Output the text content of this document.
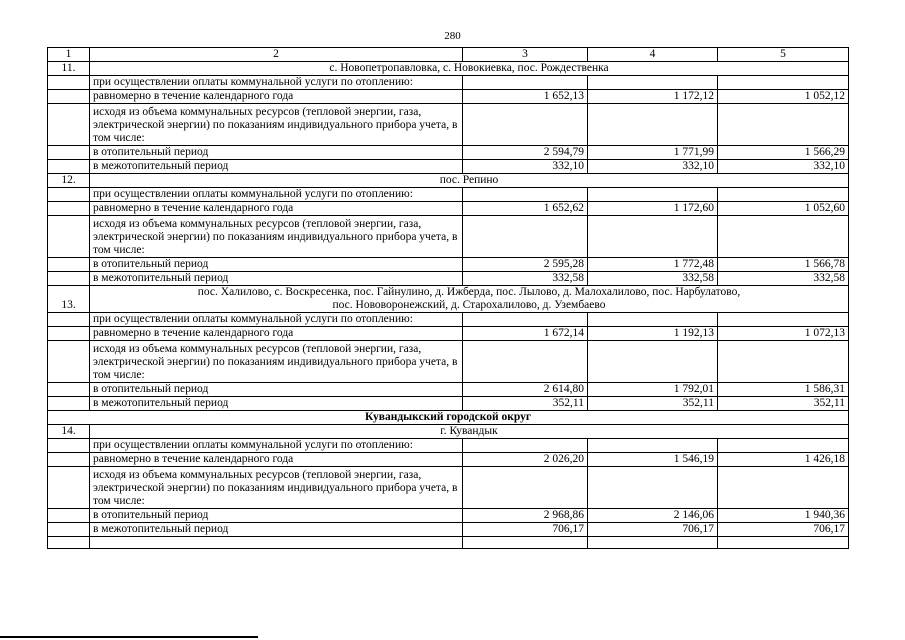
280
1	2	3	4	5
11.	с. Новопетропавловка, с. Новокиевка, пос. Рождественка			

	при осуществлении оплаты коммунальной услуги по отоплению:			
	равномерно в течение календарного года	1 652,13	1 172,12	1 052,12
	исходя из объема коммунальных ресурсов (тепловой энергии, газа, электрической энергии) по показаниям индивидуального прибора учета, в том числе:			
	в отопительный период	2 594,79	1 771,99	1 566,29
	в межотопительный период	332,10	332,10	332,10
12.	пос. Репино			

	при осуществлении оплаты коммунальной услуги по отоплению:			
	равномерно в течение календарного года	1 652,62	1 172,60	1 052,60
	исходя из объема коммунальных ресурсов (тепловой энергии, газа, электрической энергии) по показаниям индивидуального прибора учета, в том числе:			
	в отопительный период	2 595,28	1 772,48	1 566,78
	в межотопительный период	332,58	332,58	332,58
13.	пос. Халилово, с. Воскресенка, пос. Гайнулино, д. Ижберда, пос. Лылово, д. Малохалилово, пос. Нарбулатово,
пос. Нововоронежский, д. Старохалилово, д. Узембаево			

	при осуществлении оплаты коммунальной услуги по отоплению:			
	равномерно в течение календарного года	1 672,14	1 192,13	1 072,13
	исходя из объема коммунальных ресурсов (тепловой энергии, газа, электрической энергии) по показаниям индивидуального прибора учета, в том числе:			
	в отопительный период	2 614,80	1 792,01	1 586,31
	в межотопительный период	352,11	352,11	352,11
Кувандыкский городской округ				
14.	г. Кувандык			

	при осуществлении оплаты коммунальной услуги по отоплению:			
	равномерно в течение календарного года	2 026,20	1 546,19	1 426,18
	исходя из объема коммунальных ресурсов (тепловой энергии, газа, электрической энергии) по показаниям индивидуального прибора учета, в том числе:			
	в отопительный период	2 968,86	2 146,06	1 940,36
	в межотопительный период	706,17	706,17	706,17
